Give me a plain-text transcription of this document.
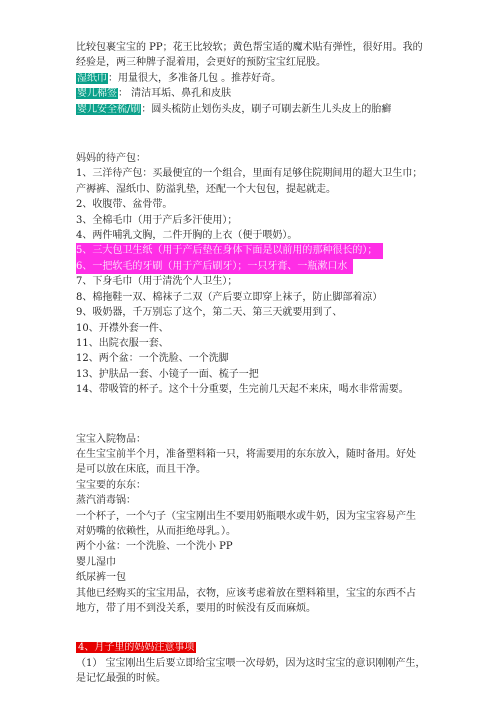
比较包裹宝宝的 PP；花王比较软；黄色帮宝适的魔术贴有弹性，很好用。我的
经验是，两三种牌子混着用，会更好的预防宝宝红屁股。
湿纸巾：用量很大，多准备几包 。推荐好奇。
婴儿棉签： 清洁耳垢、鼻孔和皮肤
婴儿安全梳/刷：圆头梳防止划伤头皮，刷子可刷去新生儿头皮上的胎癣
妈妈的待产包：
1、三洋待产包：买最便宜的一个组合，里面有足够住院期间用的超大卫生巾；
产褥裤、湿纸巾、防溢乳垫，还配一个大包包，提起就走。
2、收腹带、盆骨带。
3、全棉毛巾（用于产后多汗使用）；
4、两件哺乳文胸，二件开胸的上衣（便于喂奶）。
5、三大包卫生纸（用于产后垫在身体下面是以前用的那种很长的）；
6、一把软毛的牙刷（用于产后刷牙）；一只牙膏、一瓶漱口水
7、下身毛巾（用于清洗个人卫生）；
8、棉拖鞋一双、棉袜子二双（产后要立即穿上袜子，防止脚部着凉）
9、吸奶器，千万别忘了这个，第二天、第三天就要用到了、
10、开襟外套一件、
11、出院衣服一套、
12、两个盆：一个洗脸、一个洗脚
13、护肤品一套、小镜子一面、梳子一把
14、带吸管的杯子。这个十分重要，生完前几天起不来床，喝水非常需要。
宝宝入院物品：
在生宝宝前半个月，准备塑料箱一只，将需要用的东东放入，随时备用。好处
是可以放在床底，而且干净。
宝宝要的东东：
蒸汽消毒锅：
一个杯子，一个勺子（宝宝刚出生不要用奶瓶喂水或牛奶，因为宝宝容易产生
对奶嘴的依赖性，从而拒绝母乳。）。
两个小盆：一个洗脸、一个洗小 PP
婴儿湿巾
纸尿裤一包
其他已经购买的宝宝用品，衣物，应该考虑着放在塑料箱里，宝宝的东西不占
地方，带了用不到没关系，要用的时候没有反而麻烦。
4、月子里的妈妈注意事项
（1） 宝宝刚出生后要立即给宝宝喂一次母奶，因为这时宝宝的意识刚刚产生，
是记忆最强的时候。
